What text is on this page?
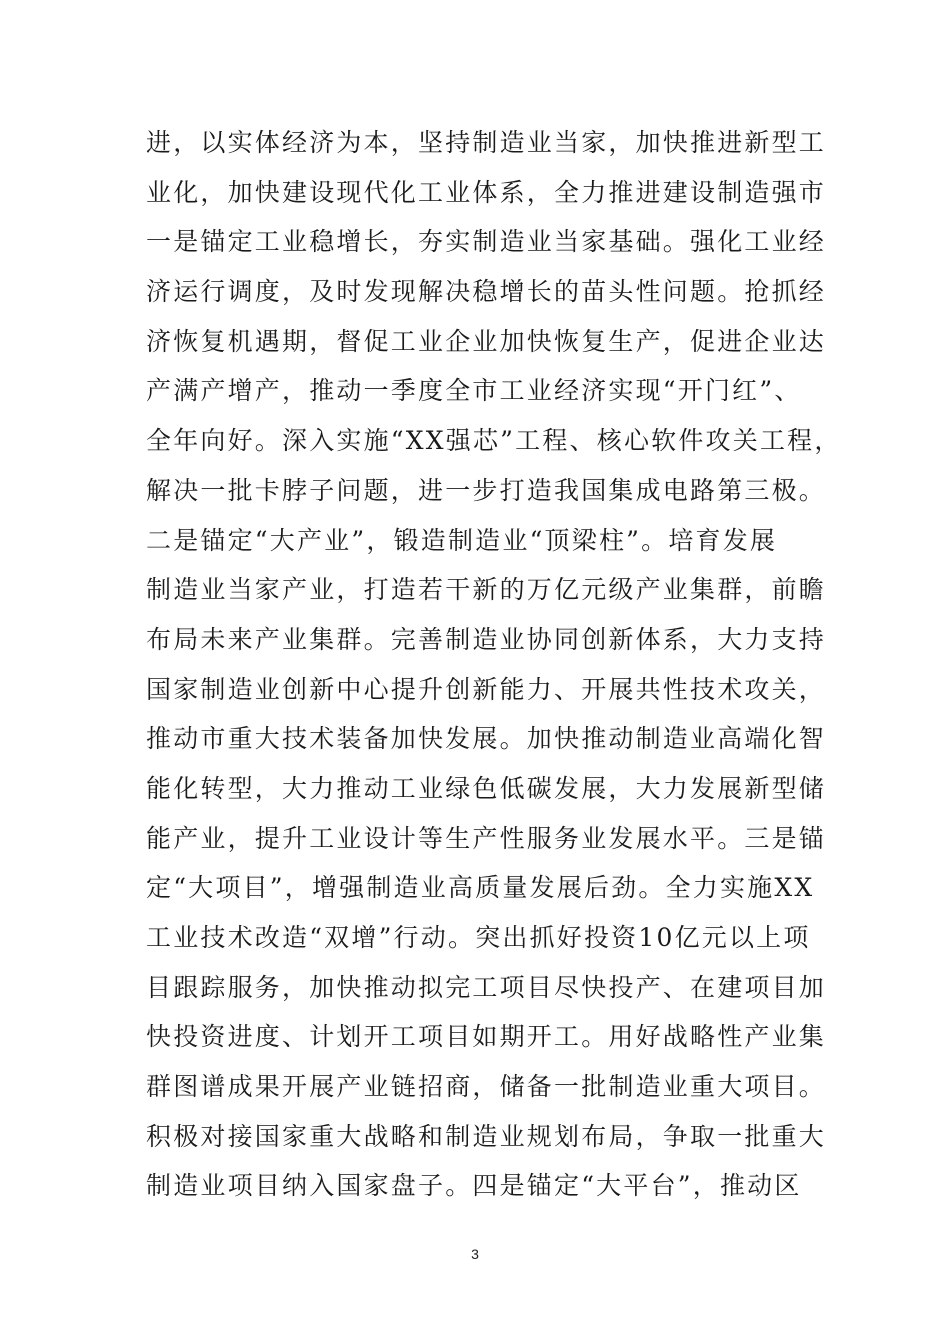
进，以实体经济为本，坚持制造业当家，加快推进新型工
业化，加快建设现代化工业体系，全力推进建设制造强市
一是锚定工业稳增长，夯实制造业当家基础。强化工业经
济运行调度，及时发现解决稳增长的苗头性问题。抢抓经
济恢复机遇期，督促工业企业加快恢复生产，促进企业达
产满产增产，推动一季度全市工业经济实现“开门红”、
全年向好。深入实施“XX强芯”工程、核心软件攻关工程，
解决一批卡脖子问题，进一步打造我国集成电路第三极。
二是锚定“大产业”，锻造制造业“顶梁柱”。培育发展
制造业当家产业，打造若干新的万亿元级产业集群，前瞻
布局未来产业集群。完善制造业协同创新体系，大力支持
国家制造业创新中心提升创新能力、开展共性技术攻关，
推动市重大技术装备加快发展。加快推动制造业高端化智
能化转型，大力推动工业绿色低碳发展，大力发展新型储
能产业，提升工业设计等生产性服务业发展水平。三是锚
定“大项目”，增强制造业高质量发展后劲。全力实施XX
工业技术改造“双增”行动。突出抓好投资10亿元以上项
目跟踪服务，加快推动拟完工项目尽快投产、在建项目加
快投资进度、计划开工项目如期开工。用好战略性产业集
群图谱成果开展产业链招商，储备一批制造业重大项目。
积极对接国家重大战略和制造业规划布局，争取一批重大
制造业项目纳入国家盘子。四是锚定“大平台”，推动区
3
